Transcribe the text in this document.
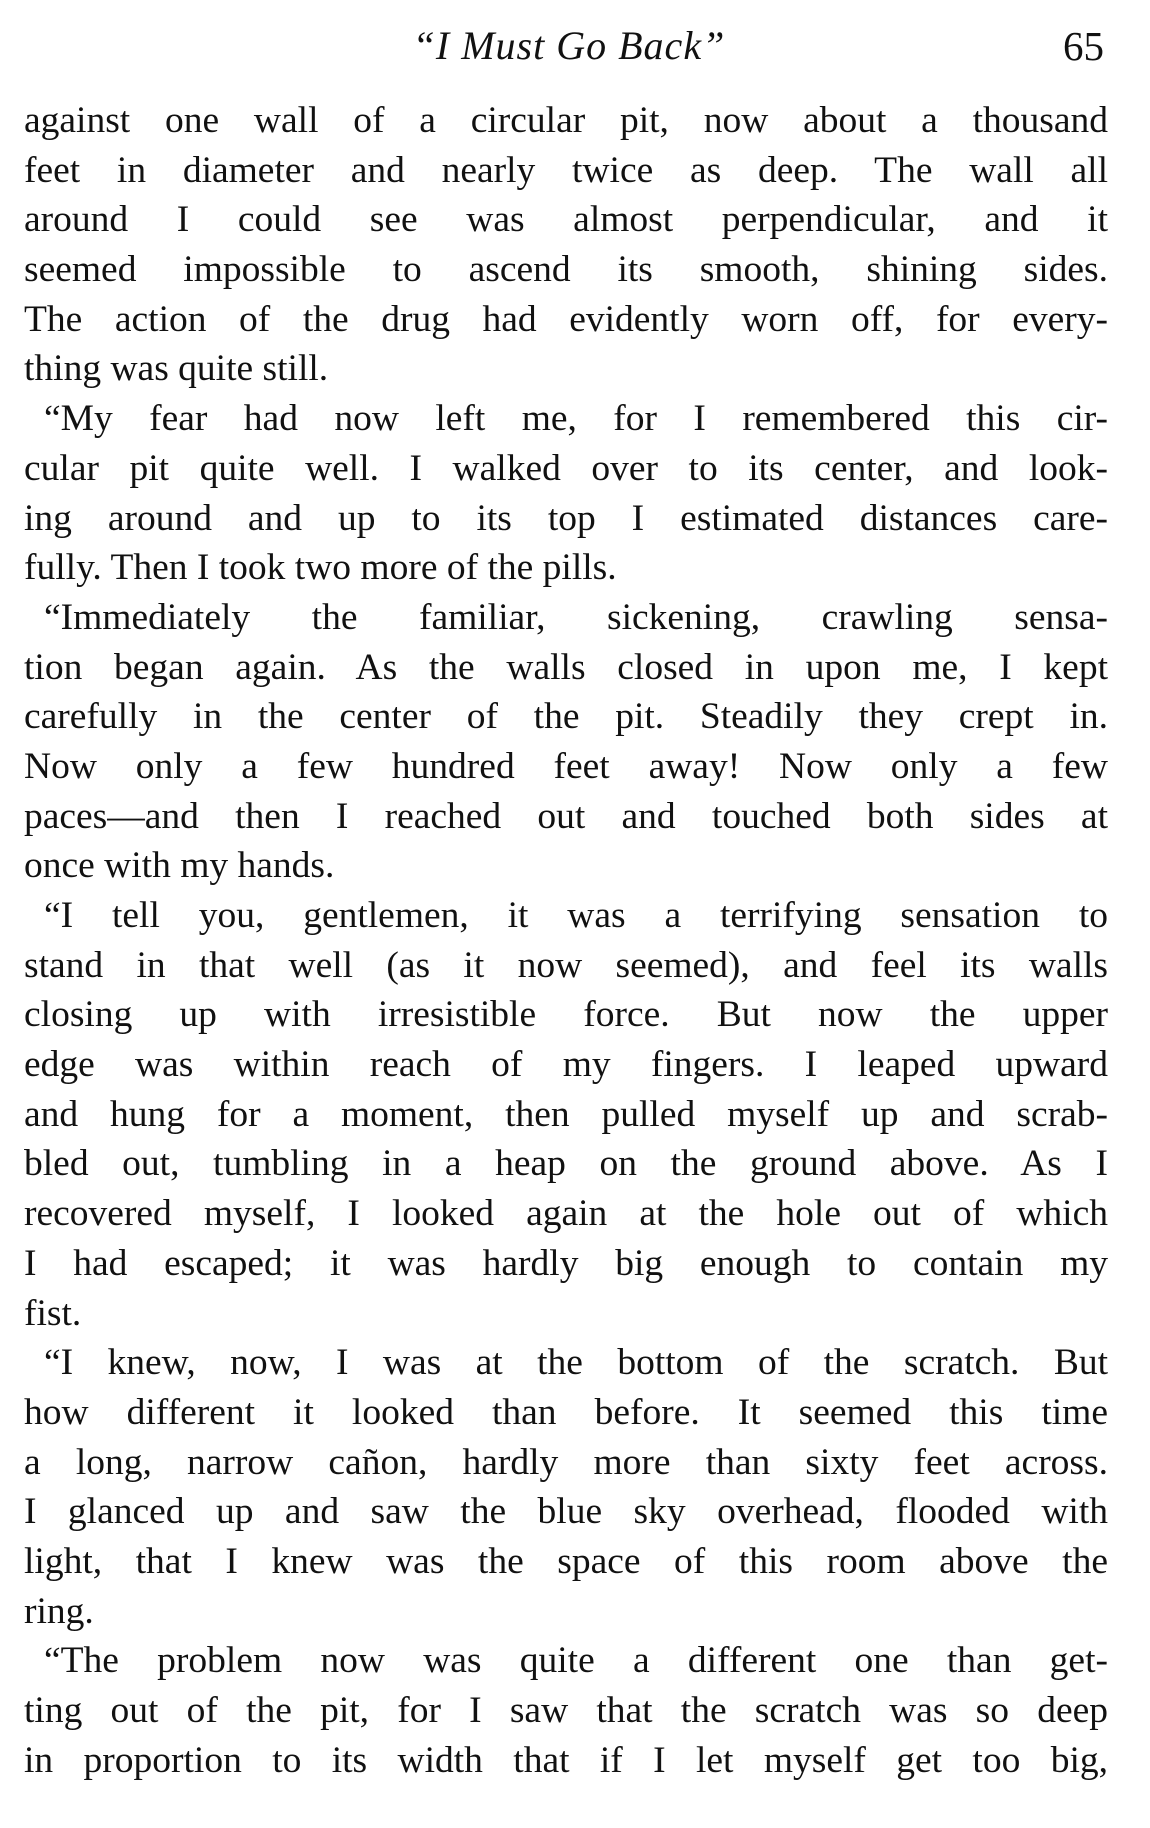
“I Must Go Back”	65
against one wall of a circular pit, now about a thousand
feet in diameter and nearly twice as deep. The wall all
around I could see was almost perpendicular, and it
seemed impossible to ascend its smooth, shining sides.
The action of the drug had evidently worn off, for every-
thing was quite still.
“My fear had now left me, for I remembered this cir-
cular pit quite well. I walked over to its center, and look-
ing around and up to its top I estimated distances care-
fully. Then I took two more of the pills.
“Immediately the familiar, sickening, crawling sensa-
tion began again. As the walls closed in upon me, I kept
carefully in the center of the pit. Steadily they crept in.
Now only a few hundred feet away! Now only a few
paces—and then I reached out and touched both sides at
once with my hands.
“I tell you, gentlemen, it was a terrifying sensation to
stand in that well (as it now seemed), and feel its walls
closing up with irresistible force. But now the upper
edge was within reach of my fingers. I leaped upward
and hung for a moment, then pulled myself up and scrab-
bled out, tumbling in a heap on the ground above. As I
recovered myself, I looked again at the hole out of which
I had escaped; it was hardly big enough to contain my
fist.
“I knew, now, I was at the bottom of the scratch. But
how different it looked than before. It seemed this time
a long, narrow cañon, hardly more than sixty feet across.
I glanced up and saw the blue sky overhead, flooded with
light, that I knew was the space of this room above the
ring.
“The problem now was quite a different one than get-
ting out of the pit, for I saw that the scratch was so deep
in proportion to its width that if I let myself get too big,
